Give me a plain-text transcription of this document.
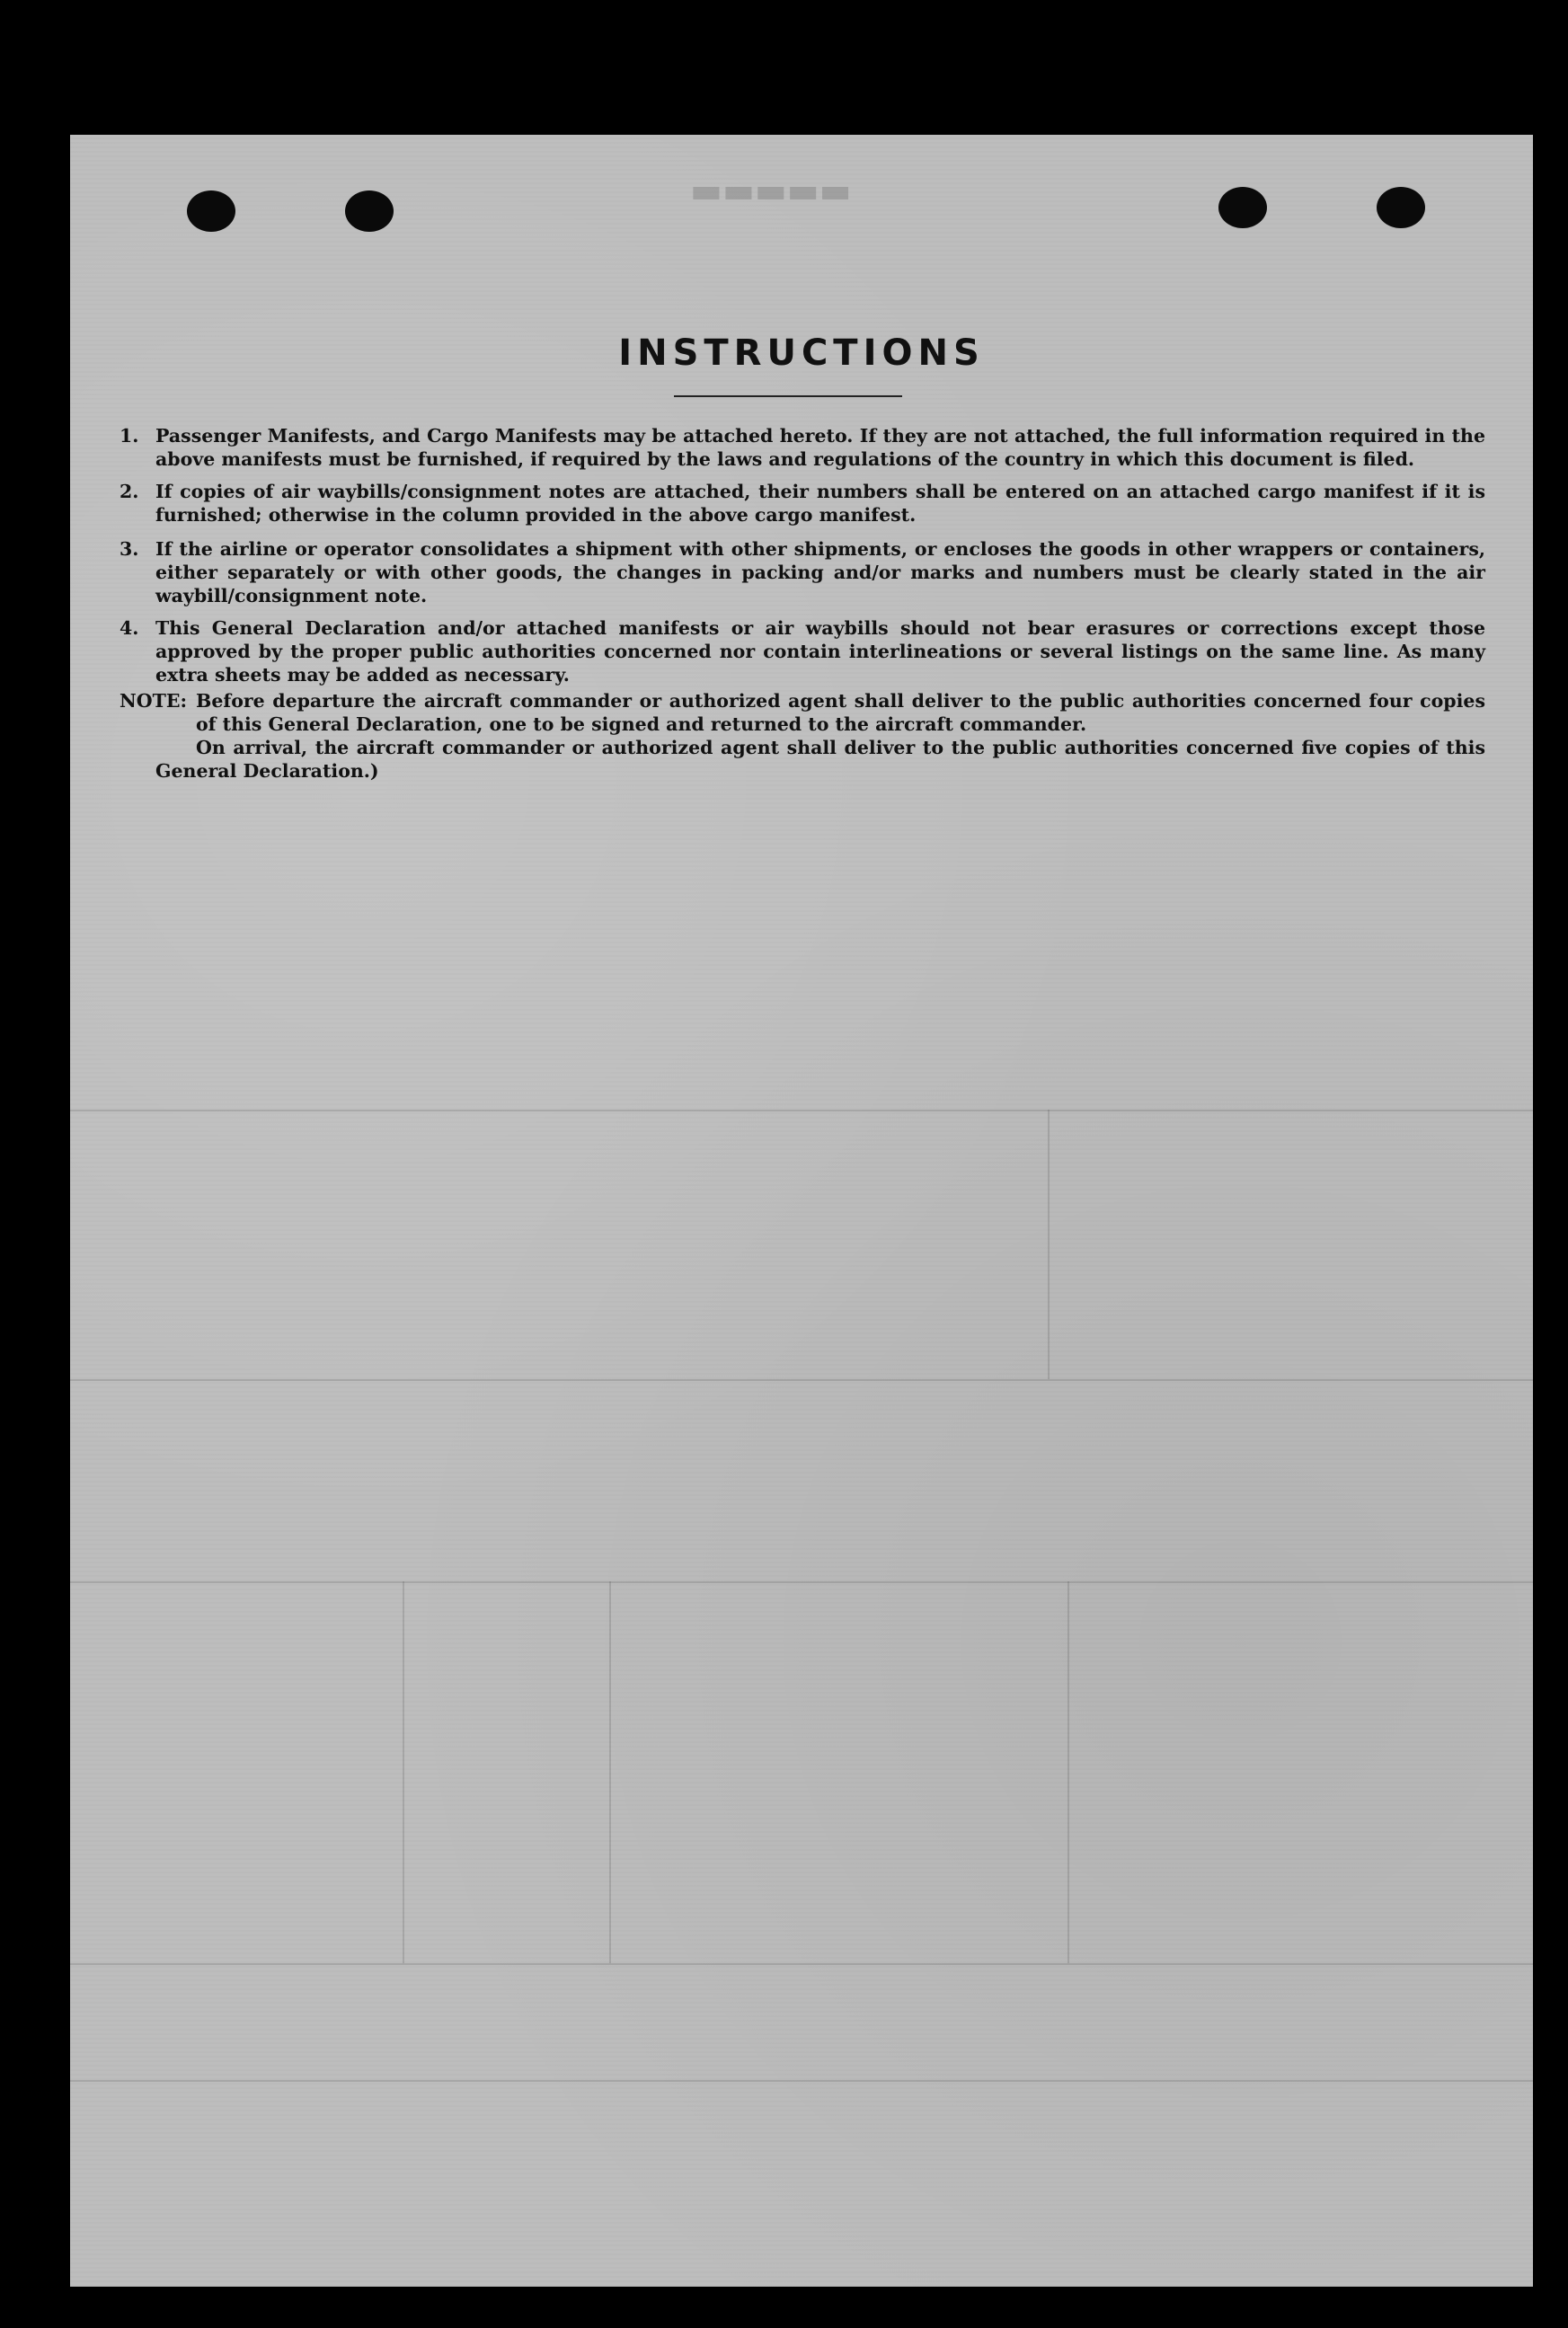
▬▬▬▬▬
INSTRUCTIONS
1. Passenger Manifests, and Cargo Manifests may be attached hereto. If they are not attached, the full information required in the above manifests must be furnished, if required by the laws and regulations of the country in which this document is filed.
2. If copies of air waybills/consignment notes are attached, their numbers shall be entered on an attached cargo manifest if it is furnished; otherwise in the column provided in the above cargo manifest.
3. If the airline or operator consolidates a shipment with other shipments, or encloses the goods in other wrappers or containers, either separately or with other goods, the changes in packing and/or marks and numbers must be clearly stated in the air waybill/consignment note.
4. This General Declaration and/or attached manifests or air waybills should not bear erasures or corrections except those approved by the proper public authorities concerned nor contain interlineations or several listings on the same line. As many extra sheets may be added as necessary.
NOTE: Before departure the aircraft commander or authorized agent shall deliver to the public authorities concerned four copies of this General Declaration, one to be signed and returned to the aircraft commander.
On arrival, the aircraft commander or authorized agent shall deliver to the public authorities concerned five copies of this General Declaration.)
